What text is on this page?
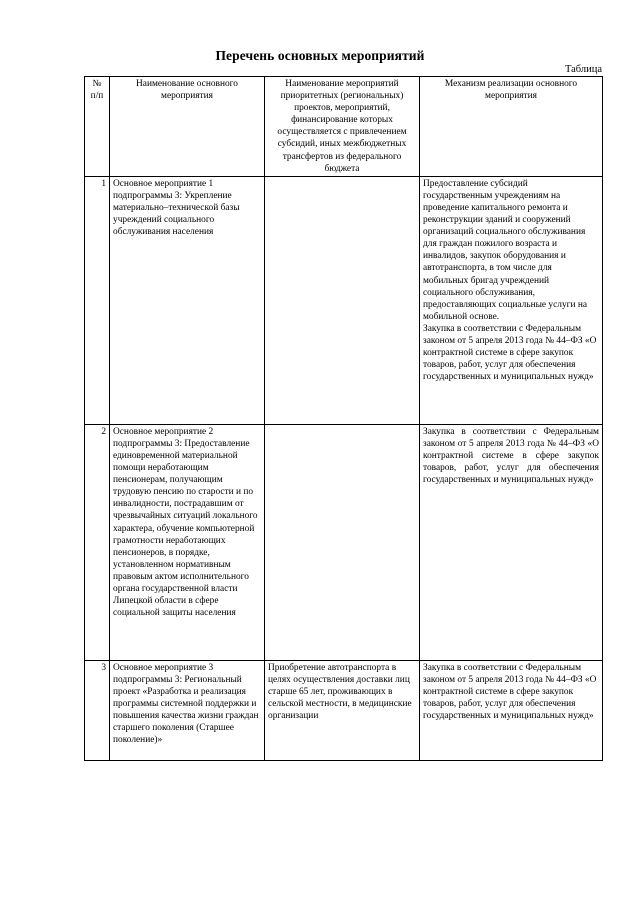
Перечень основных мероприятий
Таблица
№
п/п	Наименование основного мероприятия	Наименование мероприятий приоритетных (региональных) проектов, мероприятий, финансирование которых осуществляется с привлечением субсидий, иных межбюджетных трансфертов из федерального бюджета	Механизм реализации основного мероприятия
1	Основное мероприятие 1 подпрограммы 3: Укрепление материально–технической базы учреждений социального обслуживания населения		Предоставление субсидий государственным учреждениям на проведение капитального ремонта и реконструкции зданий и сооружений организаций социального обслуживания для граждан пожилого возраста и инвалидов, закупок оборудования и автотранспорта, в том числе для мобильных бригад учреждений социального обслуживания, предоставляющих социальные услуги на мобильной основе.
Закупка в соответствии с Федеральным законом от 5 апреля 2013 года № 44–ФЗ «О контрактной системе в сфере закупок товаров, работ, услуг для обеспечения государственных и муниципальных нужд»

2	Основное мероприятие 2 подпрограммы 3: Предоставление единовременной материальной помощи неработающим пенсионерам, получающим трудовую пенсию по старости и по инвалидности, пострадавшим от чрезвычайных ситуаций локального характера, обучение компьютерной грамотности неработающих пенсионеров, в порядке, установленном нормативным правовым актом исполнительного органа государственной власти Липецкой области в сфере социальной защиты населения		Закупка в соответствии с Федеральным законом от 5 апреля 2013 года № 44–ФЗ «О контрактной системе в сфере закупок товаров, работ, услуг для обеспечения государственных и муниципальных нужд»

3	Основное мероприятие 3 подпрограммы 3: Региональный проект «Разработка и реализация программы системной поддержки и повышения качества жизни граждан старшего поколения (Старшее поколение)»	Приобретение автотранспорта в целях осуществления доставки лиц старше 65 лет, проживающих в сельской местности, в медицинские организации	Закупка в соответствии с Федеральным законом от 5 апреля 2013 года № 44–ФЗ «О контрактной системе в сфере закупок товаров, работ, услуг для обеспечения государственных и муниципальных нужд»
